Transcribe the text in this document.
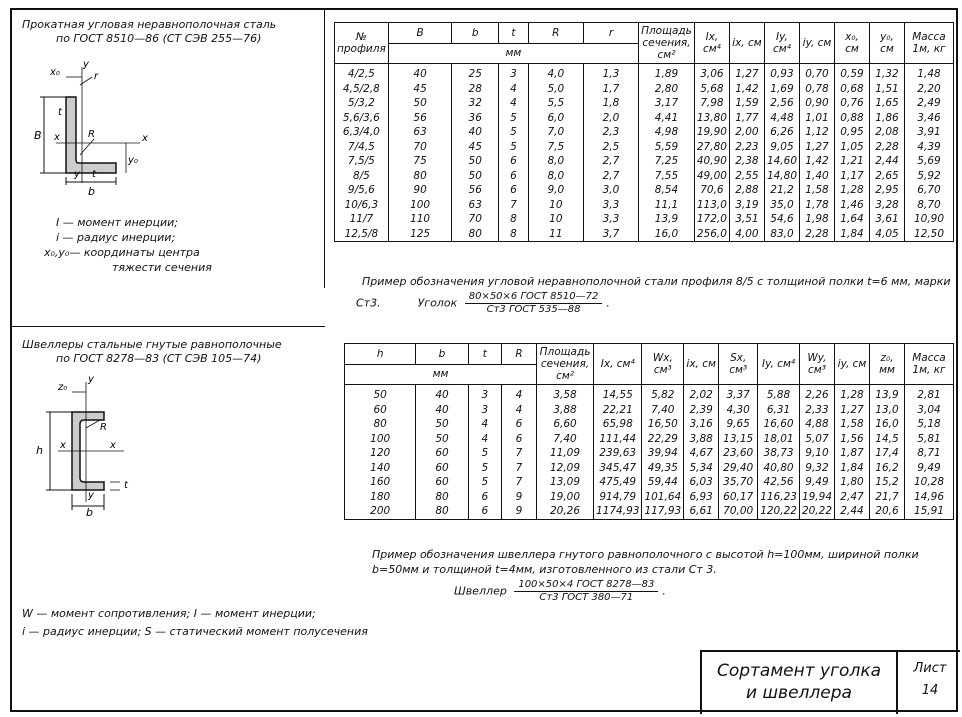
Прокатная угловая неравнополочная сталь
по ГОСТ 8510—86 (СТ СЭВ 255—76)
x₀
y
r
t
B x	R	x
y₀
y t
b
I — момент инерции;
i — радиус инерции;
x₀,y₀— координаты центра
тяжести сечения
№ профиля	B	b	t	R	r	Площадь сечения, см²	Ix, см⁴	ix, см	Iy, см⁴	iy, см	x₀, см	y₀, см	Масса 1м, кг
	мм												
4/2,5	40	25	3	4,0	1,3	1,89	3,06	1,27	0,93	0,70	0,59	1,32	1,48
4,5/2,8	45	28	4	5,0	1,7	2,80	5,68	1,42	1,69	0,78	0,68	1,51	2,20
5/3,2	50	32	4	5,5	1,8	3,17	7,98	1,59	2,56	0,90	0,76	1,65	2,49
5,6/3,6	56	36	5	6,0	2,0	4,41	13,80	1,77	4,48	1,01	0,88	1,86	3,46
6,3/4,0	63	40	5	7,0	2,3	4,98	19,90	2,00	6,26	1,12	0,95	2,08	3,91
7/4,5	70	45	5	7,5	2,5	5,59	27,80	2,23	9,05	1,27	1,05	2,28	4,39
7,5/5	75	50	6	8,0	2,7	7,25	40,90	2,38	14,60	1,42	1,21	2,44	5,69
8/5	80	50	6	8,0	2,7	7,55	49,00	2,55	14,80	1,40	1,17	2,65	5,92
9/5,6	90	56	6	9,0	3,0	8,54	70,6	2,88	21,2	1,58	1,28	2,95	6,70
10/6,3	100	63	7	10	3,3	11,1	113,0	3,19	35,0	1,78	1,46	3,28	8,70
11/7	110	70	8	10	3,3	13,9	172,0	3,51	54,6	1,98	1,64	3,61	10,90
12,5/8	125	80	8	11	3,7	16,0	256,0	4,00	83,0	2,28	1,84	4,05	12,50
Пример обозначения угловой неравнополочной стали профиля 8/5 с толщиной полки t=6 мм, марки
Ст3.	Уголок $\frac{\text{80×50×6 ГОСТ 8510—72}}{\text{Ст3 ГОСТ 535—88}}$ .
Швеллеры стальные гнутые равнополочные
по ГОСТ 8278—83 (СТ СЭВ 105—74)
z₀
y
R
h x	x
t
y
b
h	b	t	R	Площадь сечения, см²	Ix, см⁴	Wx, см³	ix, см	Sx, см³	Iy, см⁴	Wy, см³	iy, см	z₀, мм	Масса 1м, кг
мм													
50	40	3	4	3,58	14,55	5,82	2,02	3,37	5,88	2,26	1,28	13,9	2,81
60	40	3	4	3,88	22,21	7,40	2,39	4,30	6,31	2,33	1,27	13,0	3,04
80	50	4	6	6,60	65,98	16,50	3,16	9,65	16,60	4,88	1,58	16,0	5,18
100	50	4	6	7,40	111,44	22,29	3,88	13,15	18,01	5,07	1,56	14,5	5,81
120	60	5	7	11,09	239,63	39,94	4,67	23,60	38,73	9,10	1,87	17,4	8,71
140	60	5	7	12,09	345,47	49,35	5,34	29,40	40,80	9,32	1,84	16,2	9,49
160	60	5	7	13,09	475,49	59,44	6,03	35,70	42,56	9,49	1,80	15,2	10,28
180	80	6	9	19,00	914,79	101,64	6,93	60,17	116,23	19,94	2,47	21,7	14,96
200	80	6	9	20,26	1174,93	117,93	6,61	70,00	120,22	20,22	2,44	20,6	15,91
Пример обозначения швеллера гнутого равнополочного с высотой h=100мм, шириной полки
b=50мм и толщиной t=4мм, изготовленного из стали Ст 3.
Швеллер $\frac{\text{100×50×4 ГОСТ 8278—83}}{\text{Ст3 ГОСТ 380—71}}$ .
W — момент сопротивления; I — момент инерции;
i — радиус инерции; S — статический момент полусечения
Сортамент уголка
и швеллера
Лист
14
